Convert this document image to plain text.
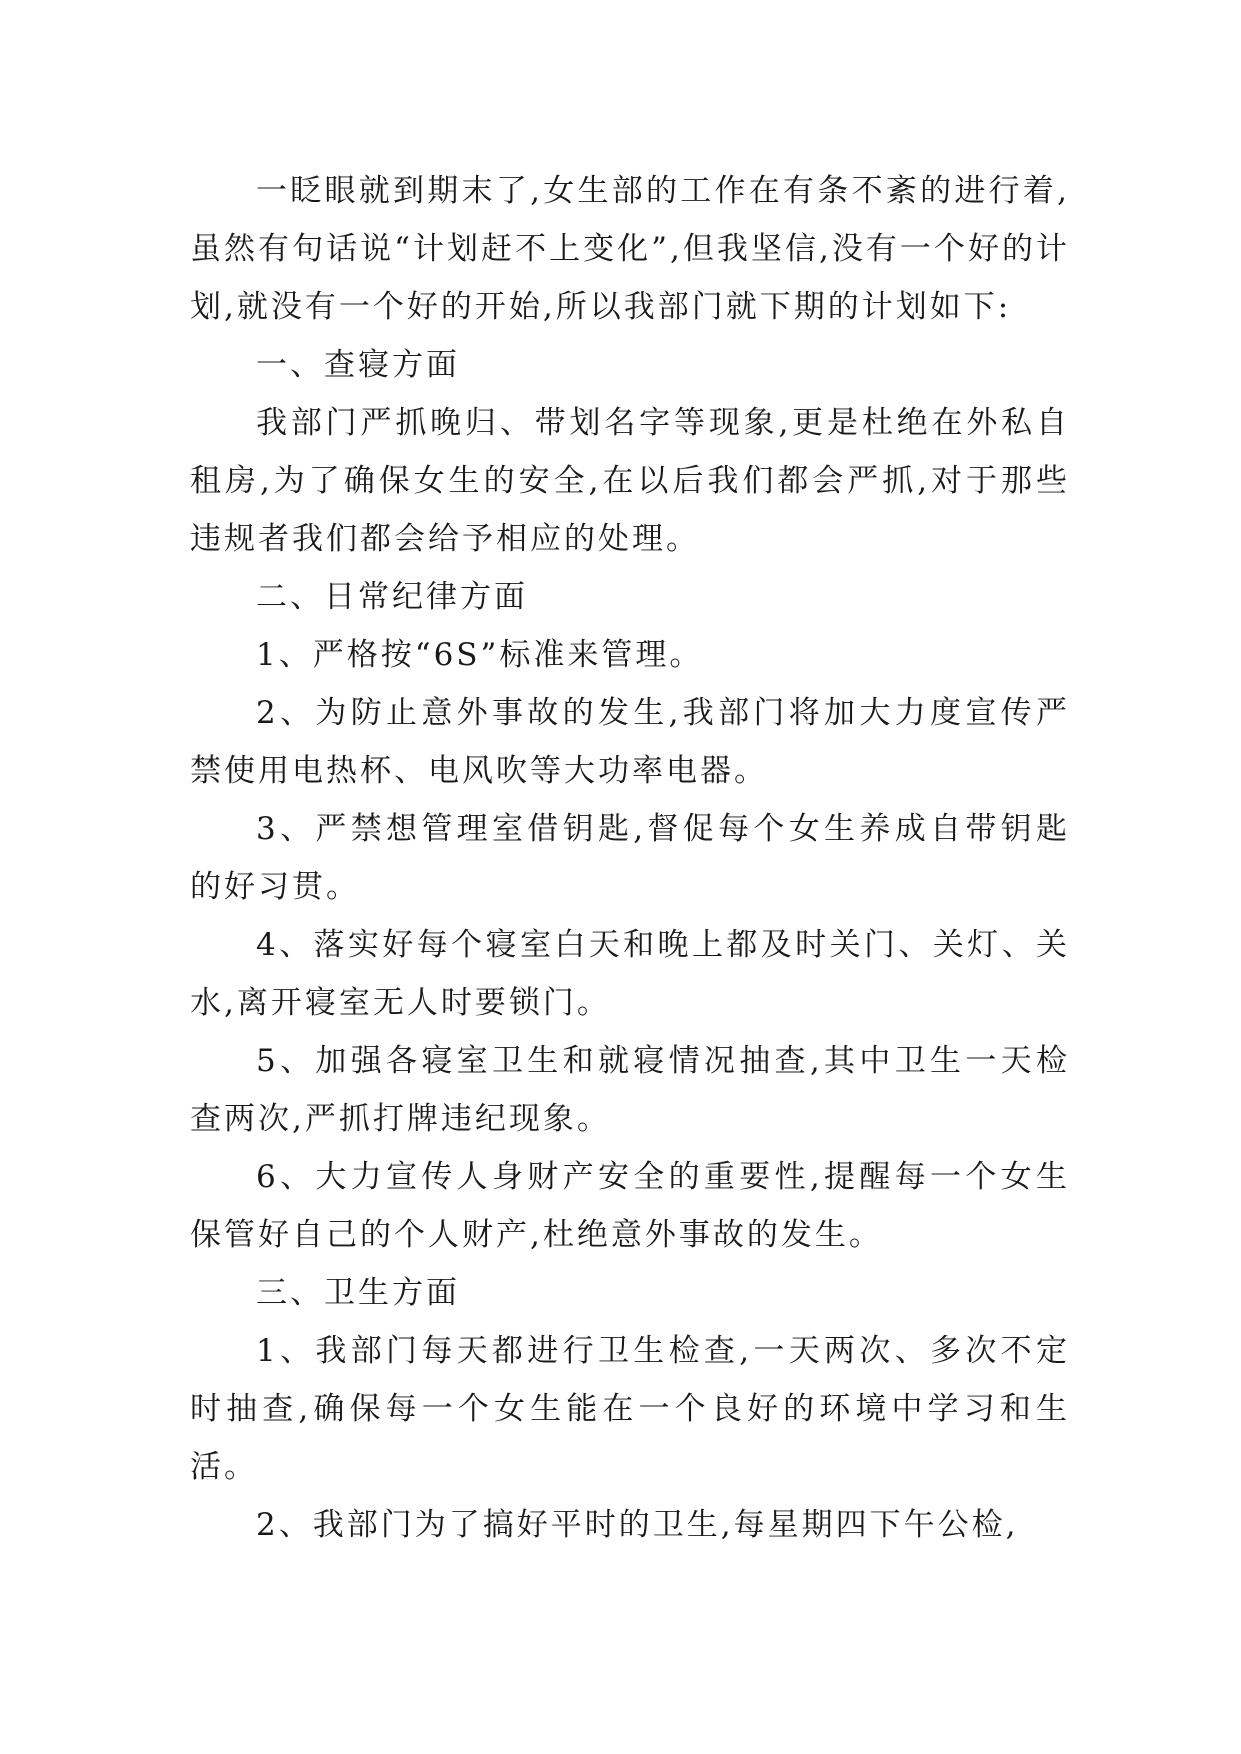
一眨眼就到期末了,女生部的工作在有条不紊的进行着,虽然有句话说“计划赶不上变化”,但我坚信,没有一个好的计划,就没有一个好的开始,所以我部门就下期的计划如下:

一、查寝方面

我部门严抓晚归、带划名字等现象,更是杜绝在外私自租房,为了确保女生的安全,在以后我们都会严抓,对于那些违规者我们都会给予相应的处理。

二、日常纪律方面

1、严格按“6S”标准来管理。

2、为防止意外事故的发生,我部门将加大力度宣传严禁使用电热杯、电风吹等大功率电器。

3、严禁想管理室借钥匙,督促每个女生养成自带钥匙的好习贯。

4、落实好每个寝室白天和晚上都及时关门、关灯、关水,离开寝室无人时要锁门。

5、加强各寝室卫生和就寝情况抽查,其中卫生一天检查两次,严抓打牌违纪现象。

6、大力宣传人身财产安全的重要性,提醒每一个女生保管好自己的个人财产,杜绝意外事故的发生。

三、卫生方面

1、我部门每天都进行卫生检查,一天两次、多次不定时抽查,确保每一个女生能在一个良好的环境中学习和生活。

2、我部门为了搞好平时的卫生,每星期四下午公检,
